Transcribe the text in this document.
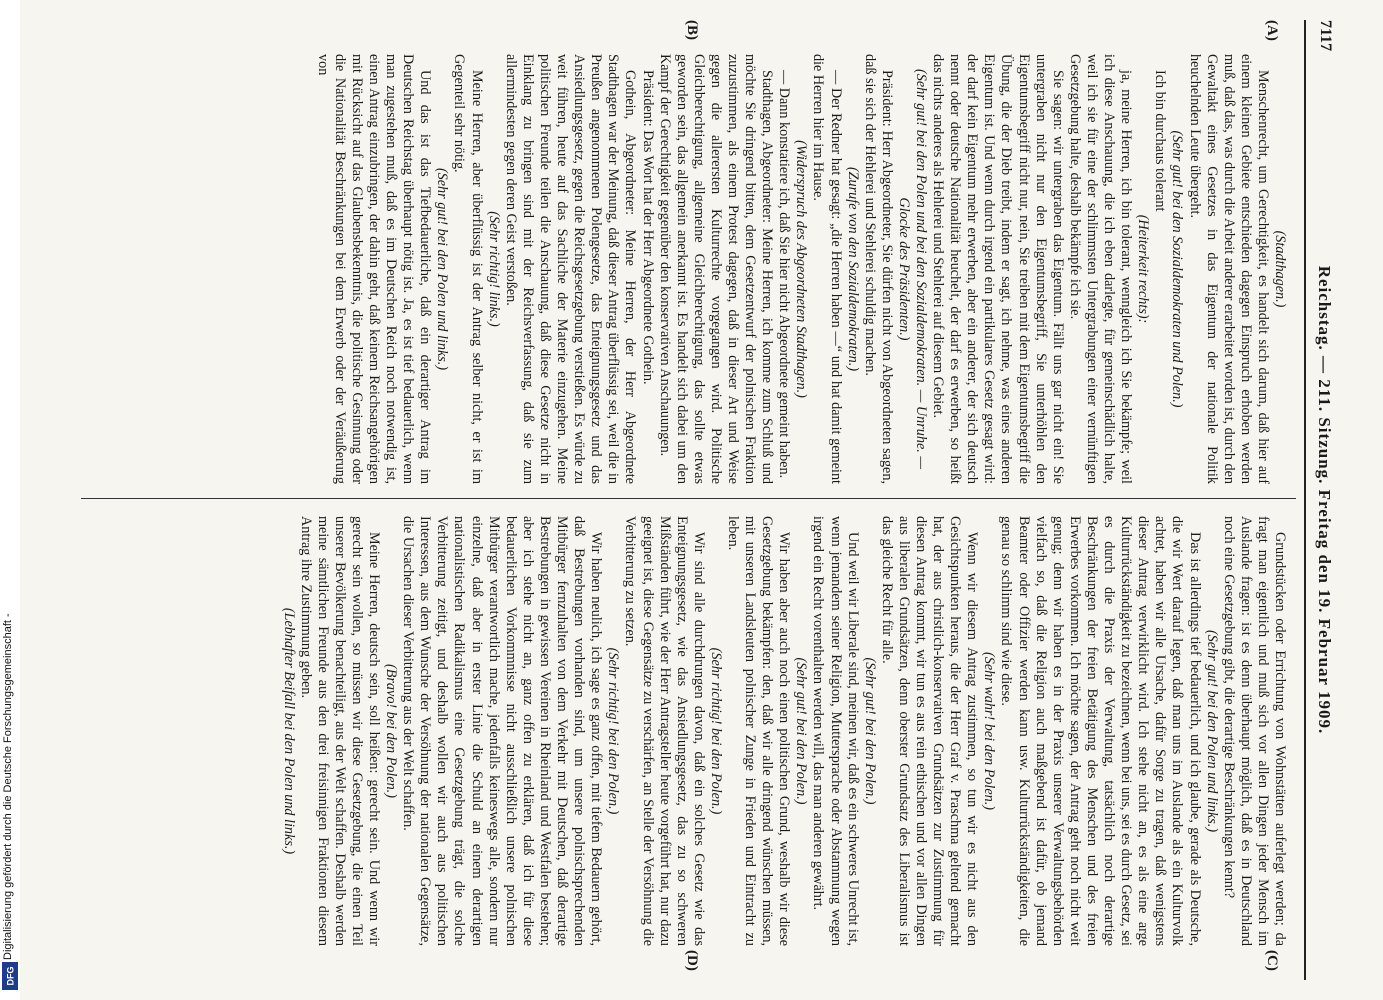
Digitalisierung gefördert durch die Deutsche Forschungsgemeinschaft -
DFG
7117
Reichstag. — 211. Sitzung. Freitag den 19. Februar 1909.
(A)
(B)
(C)
(D)

(Stadthagen.)

Menschenrecht, um Gerechtigkeit, es handelt sich darum, daß hier auf einem kleinen Gebiete entschieden dagegen Einspruch erhoben werden muß, daß das, was durch die Arbeit anderer erarbeitet worden ist, durch den Gewaltakt eines Gesetzes in das Eigentum der nationale Politik heuchelnden Leute übergeht.

(Sehr gut! bei den Sozialdemokraten und Polen.)

Ich bin durchaus tolerant

(Heiterkeit rechts):

ja, meine Herren, ich bin tolerant, wenngleich ich Sie bekämpfe; weil ich diese Anschauung, die ich eben darlegte, für gemeinschädlich halte, weil ich sie für eine der schlimmsten Untergrabungen einer vernünftigen Gesetzgebung halte, deshalb bekämpfe ich sie.

Sie sagen: wir untergraben das Eigentum. Fällt uns gar nicht ein! Sie untergraben nicht nur den Eigentumsbegriff, Sie unterhöhlen den Eigentumsbegriff nicht nur, nein, Sie treiben mit dem Eigentumsbegriff die Übung, die der Dieb treibt, indem er sagt, ich nehme, was eines anderen Eigentum ist. Und wenn durch irgend ein partikulares Gesetz gesagt wird: der darf kein Eigentum mehr erwerben, aber ein anderer, der sich deutsch nennt oder deutsche Nationalität heuchelt, der darf es erwerben, so heißt das nichts anderes als Hehlerei und Stehlerei auf diesem Gebiet.

(Sehr gut! bei den Polen und bei den Sozialdemokraten. — Unruhe. — Glocke des Präsidenten.)

Präsident: Herr Abgeordneter, Sie dürfen nicht von Abgeordneten sagen, daß sie sich der Hehlerei und Stehlerei schuldig machen.

(Zurufe von den Sozialdemokraten.)

— Der Redner hat gesagt: „die Herren haben —“ und hat damit gemeint die Herren hier im Hause.

(Widerspruch des Abgeordneten Stadthagen.)

— Dann konstatiere ich, daß Sie hier nicht Abgeordnete gemeint haben.

Stadthagen, Abgeordneter: Meine Herren, ich komme zum Schluß und möchte Sie dringend bitten, dem Gesetzentwurf der polnischen Fraktion zuzustimmen, als einem Protest dagegen, daß in dieser Art und Weise gegen die allerersten Kulturrechte vorgegangen wird. Politische Gleichberechtigung, allgemeine Gleichberechtigung, das sollte etwas geworden sein, das allgemein anerkannt ist. Es handelt sich dabei um den Kampf der Gerechtigkeit gegenüber den konservativen Anschauungen.

Präsident: Das Wort hat der Herr Abgeordnete Gothein.

Gothein, Abgeordneter: Meine Herren, der Herr Abgeordnete Stadthagen war der Meinung, daß dieser Antrag überflüssig sei, weil die in Preußen angenommenen Polengesetze, das Enteignungsgesetz und das Ansiedlungsgesetz, gegen die Reichsgesetzgebung verstießen. Es würde zu weit führen, heute auf das Sachliche der Materie einzugehen. Meine politischen Freunde teilen die Anschauung, daß diese Gesetze nicht in Einklang zu bringen sind mit der Reichsverfassung, daß sie zum allermindesten gegen deren Geist verstoßen.

(Sehr richtig! links.)

Meine Herren, aber überflüssig ist der Antrag selber nicht, er ist im Gegenteil sehr nötig.

(Sehr gut! bei den Polen und links.)

Und das ist das Tiefbedauerliche, daß ein derartiger Antrag im Deutschen Reichstag überhaupt nötig ist. Ja, es ist tief bedauerlich, wenn man zugestehen muß, daß es im Deutschen Reich noch notwendig ist, einen Antrag einzubringen, der dahin geht, daß keinem Reichsangehörigen mit Rücksicht auf das Glaubensbekenntnis, die politische Gesinnung oder die Nationalität Beschränkungen bei dem Erwerb oder der Veräußerung von

Grundstücken oder Errichtung von Wohnstätten auferlegt werden; da fragt man eigentlich und muß sich vor allen Dingen jeder Mensch im Auslande fragen: ist es denn überhaupt möglich, daß es in Deutschland noch eine Gesetzgebung gibt, die derartige Beschränkungen kennt?

(Sehr gut! bei den Polen und links.)

Das ist allerdings tief bedauerlich, und ich glaube, gerade als Deutsche, die wir Wert darauf legen, daß man uns im Auslande als ein Kulturvolk achtet, haben wir alle Ursache, dafür Sorge zu tragen, daß wenigstens dieser Antrag verwirklicht wird. Ich stehe nicht an, es als eine arge Kulturrückständigkeit zu bezeichnen, wenn bei uns, sei es durch Gesetz, sei es durch die Praxis der Verwaltung, tatsächlich noch derartige Beschränkungen der freien Betätigung des Menschen und des freien Erwerbes vorkommen. Ich möchte sagen, der Antrag geht noch nicht weit genug; denn wir haben es in der Praxis unserer Verwaltungsbehörden vielfach so, daß die Religion auch maßgebend ist dafür, ob jemand Beamter oder Offizier werden kann usw. Kulturrückständigkeiten, die genau so schlimm sind wie diese.

(Sehr wahr! bei den Polen.)

Wenn wir diesem Antrag zustimmen, so tun wir es nicht aus den Gesichtspunkten heraus, die der Herr Graf v. Praschma geltend gemacht hat, der aus christlich-konservativen Grundsätzen zur Zustimmung für diesen Antrag kommt, wir tun es aus rein ethischen und vor allen Dingen aus liberalen Grundsätzen, denn oberster Grundsatz des Liberalismus ist das gleiche Recht für alle.

(Sehr gut! bei den Polen.)

Und weil wir Liberale sind, meinen wir, daß es ein schweres Unrecht ist, wenn jemandem seiner Religion, Muttersprache oder Abstammung wegen irgend ein Recht vorenthalten werden will, das man anderen gewährt.

(Sehr gut! bei den Polen.)

Wir haben aber auch noch einen politischen Grund, weshalb wir diese Gesetzgebung bekämpfen: den, daß wir alle dringend wünschen müssen, mit unseren Landsleuten polnischer Zunge in Frieden und Eintracht zu leben.

(Sehr richtig! bei den Polen.)

Wir sind alle durchdrungen davon, daß ein solches Gesetz wie das Enteignungsgesetz, wie das Ansiedlungsgesetz, das zu so schweren Mißständen führt, wie der Herr Antragsteller heute vorgeführt hat, nur dazu geeignet ist, diese Gegensätze zu verschärfen, an Stelle der Versöhnung die Verbitterung zu setzen.

(Sehr richtig! bei den Polen.)

Wir haben neulich, ich sage es ganz offen, mit tiefem Bedauern gehört, daß Bestrebungen vorhanden sind, um unsere polnischsprechenden Mitbürger fernzuhalten von dem Verkehr mit Deutschen, daß derartige Bestrebungen in gewissen Vereinen in Rheinland und Westfalen bestehen; aber ich stehe nicht an, ganz offen zu erklären, daß ich für diese bedauerlichen Vorkommnisse nicht ausschließlich unsere polnischen Mitbürger verantwortlich mache, jedenfalls keineswegs alle, sondern nur einzelne, daß aber in erster Linie die Schuld an einem derartigen nationalistischen Radikalismus eine Gesetzgebung trägt, die solche Verbitterung zeitigt, und deshalb wollen wir auch aus politischen Interessen, aus dem Wunsche der Versöhnung der nationalen Gegensätze, die Ursachen dieser Verbitterung aus der Welt schaffen.

(Bravo! bei den Polen.)

Meine Herren, deutsch sein, soll heißen: gerecht sein. Und wenn wir gerecht sein wollen, so müssen wir diese Gesetzgebung, die einen Teil unserer Bevölkerung benachteiligt, aus der Welt schaffen. Deshalb werden meine sämtlichen Freunde aus den drei freisinnigen Fraktionen diesem Antrag ihre Zustimmung geben.

(Lebhafter Beifall bei den Polen und links.)
